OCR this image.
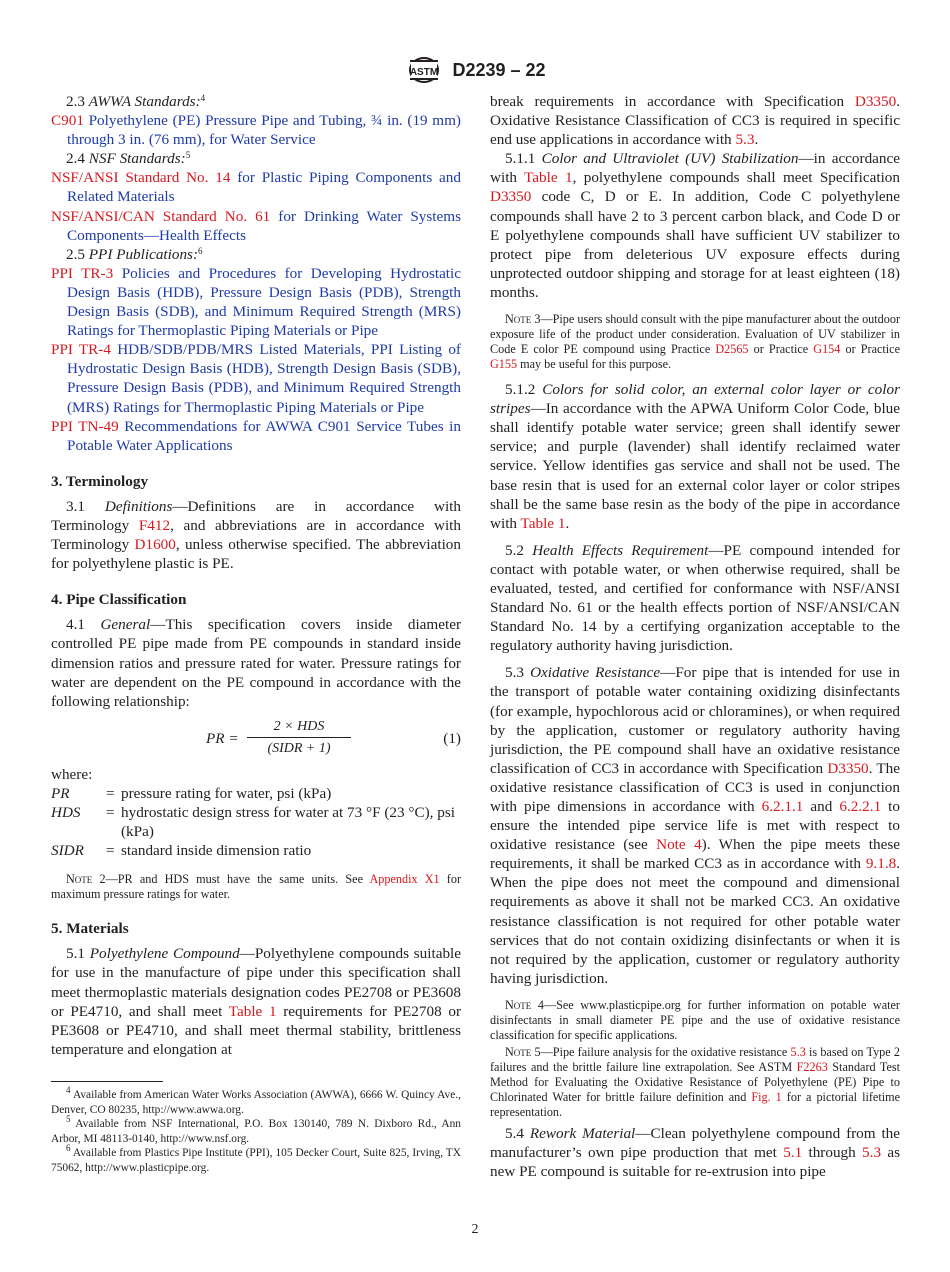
ASTM D2239 – 22

2.3 AWWA Standards:$^4$

C901 Polyethylene (PE) Pressure Pipe and Tubing, ¾ in. (19 mm) through 3 in. (76 mm), for Water Service

2.4 NSF Standards:$^5$

NSF/ANSI Standard No. 14 for Plastic Piping Components and Related Materials

NSF/ANSI/CAN Standard No. 61 for Drinking Water Systems Components—Health Effects

2.5 PPI Publications:$^6$

PPI TR-3 Policies and Procedures for Developing Hydrostatic Design Basis (HDB), Pressure Design Basis (PDB), Strength Design Basis (SDB), and Minimum Required Strength (MRS) Ratings for Thermoplastic Piping Materials or Pipe

PPI TR-4 HDB/SDB/PDB/MRS Listed Materials, PPI Listing of Hydrostatic Design Basis (HDB), Strength Design Basis (SDB), Pressure Design Basis (PDB), and Minimum Required Strength (MRS) Ratings for Thermoplastic Piping Materials or Pipe

PPI TN-49 Recommendations for AWWA C901 Service Tubes in Potable Water Applications

3. Terminology

3.1 Definitions—Definitions are in accordance with Terminology F412, and abbreviations are in accordance with Terminology D1600, unless otherwise specified. The abbreviation for polyethylene plastic is PE.

4. Pipe Classification

4.1 General—This specification covers inside diameter controlled PE pipe made from PE compounds in standard inside dimension ratios and pressure rated for water. Pressure ratings for water are dependent on the PE compound in accordance with the following relationship:

PR =
2 × HDS
(SIDR + 1)
(1)

where:

PR	=	pressure rating for water, psi (kPa)
HDS	=	hydrostatic design stress for water at 73 °F (23 °C), psi (kPa)
SIDR	=	standard inside dimension ratio

Note 2—PR and HDS must have the same units. See Appendix X1 for maximum pressure ratings for water.

5. Materials

5.1 Polyethylene Compound—Polyethylene compounds suitable for use in the manufacture of pipe under this specification shall meet thermoplastic materials designation codes PE2708 or PE3608 or PE4710, and shall meet Table 1 requirements for PE2708 or PE3608 or PE4710, and shall meet thermal stability, brittleness temperature and elongation at

$^4$ Available from American Water Works Association (AWWA), 6666 W. Quincy Ave., Denver, CO 80235, http://www.awwa.org.

$^5$ Available from NSF International, P.O. Box 130140, 789 N. Dixboro Rd., Ann Arbor, MI 48113-0140, http://www.nsf.org.

$^6$ Available from Plastics Pipe Institute (PPI), 105 Decker Court, Suite 825, Irving, TX 75062, http://www.plasticpipe.org.

break requirements in accordance with Specification D3350. Oxidative Resistance Classification of CC3 is required in specific end use applications in accordance with 5.3.

5.1.1 Color and Ultraviolet (UV) Stabilization—in accordance with Table 1, polyethylene compounds shall meet Specification D3350 code C, D or E. In addition, Code C polyethylene compounds shall have 2 to 3 percent carbon black, and Code D or E polyethylene compounds shall have sufficient UV stabilizer to protect pipe from deleterious UV exposure effects during unprotected outdoor shipping and storage for at least eighteen (18) months.

Note 3—Pipe users should consult with the pipe manufacturer about the outdoor exposure life of the product under consideration. Evaluation of UV stabilizer in Code E color PE compound using Practice D2565 or Practice G154 or Practice G155 may be useful for this purpose.

5.1.2 Colors for solid color, an external color layer or color stripes—In accordance with the APWA Uniform Color Code, blue shall identify potable water service; green shall identify sewer service; and purple (lavender) shall identify reclaimed water service. Yellow identifies gas service and shall not be used. The base resin that is used for an external color layer or color stripes shall be the same base resin as the body of the pipe in accordance with Table 1.

5.2 Health Effects Requirement—PE compound intended for contact with potable water, or when otherwise required, shall be evaluated, tested, and certified for conformance with NSF/ANSI Standard No. 61 or the health effects portion of NSF/ANSI/CAN Standard No. 14 by a certifying organization acceptable to the regulatory authority having jurisdiction.

5.3 Oxidative Resistance—For pipe that is intended for use in the transport of potable water containing oxidizing disinfectants (for example, hypochlorous acid or chloramines), or when required by the application, customer or regulatory authority having jurisdiction, the PE compound shall have an oxidative resistance classification of CC3 in accordance with Specification D3350. The oxidative resistance classification of CC3 is used in conjunction with pipe dimensions in accordance with 6.2.1.1 and 6.2.2.1 to ensure the intended pipe service life is met with respect to oxidative resistance (see Note 4). When the pipe meets these requirements, it shall be marked CC3 as in accordance with 9.1.8. When the pipe does not meet the compound and dimensional requirements as above it shall not be marked CC3. An oxidative resistance classification is not required for other potable water services that do not contain oxidizing disinfectants or when it is not required by the application, customer or regulatory authority having jurisdiction.

Note 4—See www.plasticpipe.org for further information on potable water disinfectants in small diameter PE pipe and the use of oxidative resistance classification for specific applications.

Note 5—Pipe failure analysis for the oxidative resistance 5.3 is based on Type 2 failures and the brittle failure line extrapolation. See ASTM F2263 Standard Test Method for Evaluating the Oxidative Resistance of Polyethylene (PE) Pipe to Chlorinated Water for brittle failure definition and Fig. 1 for a pictorial lifetime representation.

5.4 Rework Material—Clean polyethylene compound from the manufacturer’s own pipe production that met 5.1 through 5.3 as new PE compound is suitable for re-extrusion into pipe

2
